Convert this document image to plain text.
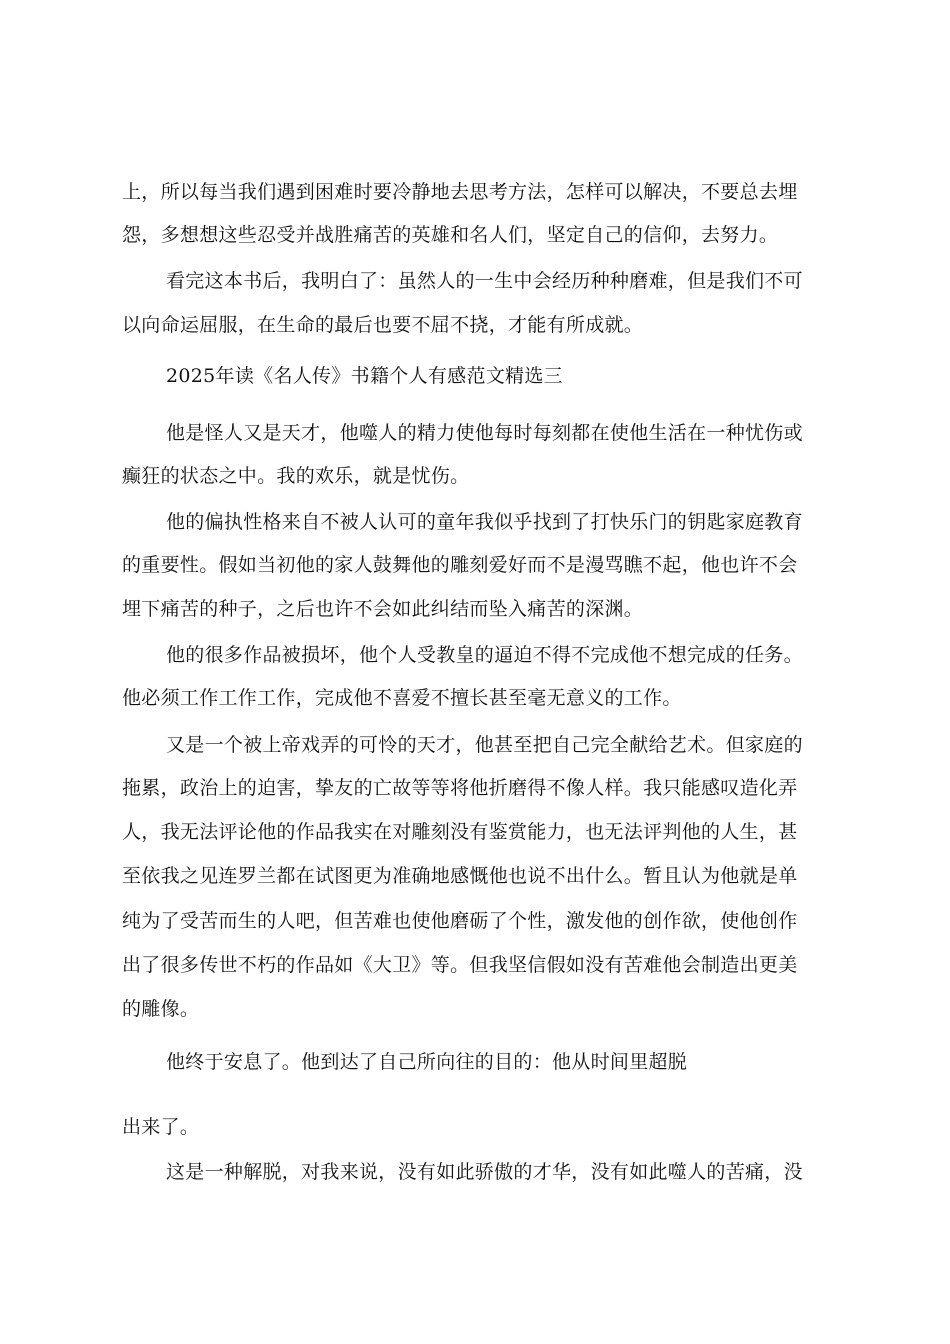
上，所以每当我们遇到困难时要冷静地去思考方法，怎样可以解决，不要总去埋
怨，多想想这些忍受并战胜痛苦的英雄和名人们，坚定自己的信仰，去努力。
看完这本书后，我明白了：虽然人的一生中会经历种种磨难，但是我们不可
以向命运屈服，在生命的最后也要不屈不挠，才能有所成就。
2025年读《名人传》书籍个人有感范文精选三
他是怪人又是天才，他噬人的精力使他每时每刻都在使他生活在一种忧伤或
癫狂的状态之中。我的欢乐，就是忧伤。
他的偏执性格来自不被人认可的童年我似乎找到了打快乐门的钥匙家庭教育
的重要性。假如当初他的家人鼓舞他的雕刻爱好而不是漫骂瞧不起，他也许不会
埋下痛苦的种子，之后也许不会如此纠结而坠入痛苦的深渊。
他的很多作品被损坏，他个人受教皇的逼迫不得不完成他不想完成的任务。
他必须工作工作工作，完成他不喜爱不擅长甚至毫无意义的工作。
又是一个被上帝戏弄的可怜的天才，他甚至把自己完全献给艺术。但家庭的
拖累，政治上的迫害，挚友的亡故等等将他折磨得不像人样。我只能感叹造化弄
人，我无法评论他的作品我实在对雕刻没有鉴赏能力，也无法评判他的人生，甚
至依我之见连罗兰都在试图更为准确地感慨他也说不出什么。暂且认为他就是单
纯为了受苦而生的人吧，但苦难也使他磨砺了个性，激发他的创作欲，使他创作
出了很多传世不朽的作品如《大卫》等。但我坚信假如没有苦难他会制造出更美
的雕像。
他终于安息了。他到达了自己所向往的目的：他从时间里超脱
出来了。
这是一种解脱，对我来说，没有如此骄傲的才华，没有如此噬人的苦痛，没
